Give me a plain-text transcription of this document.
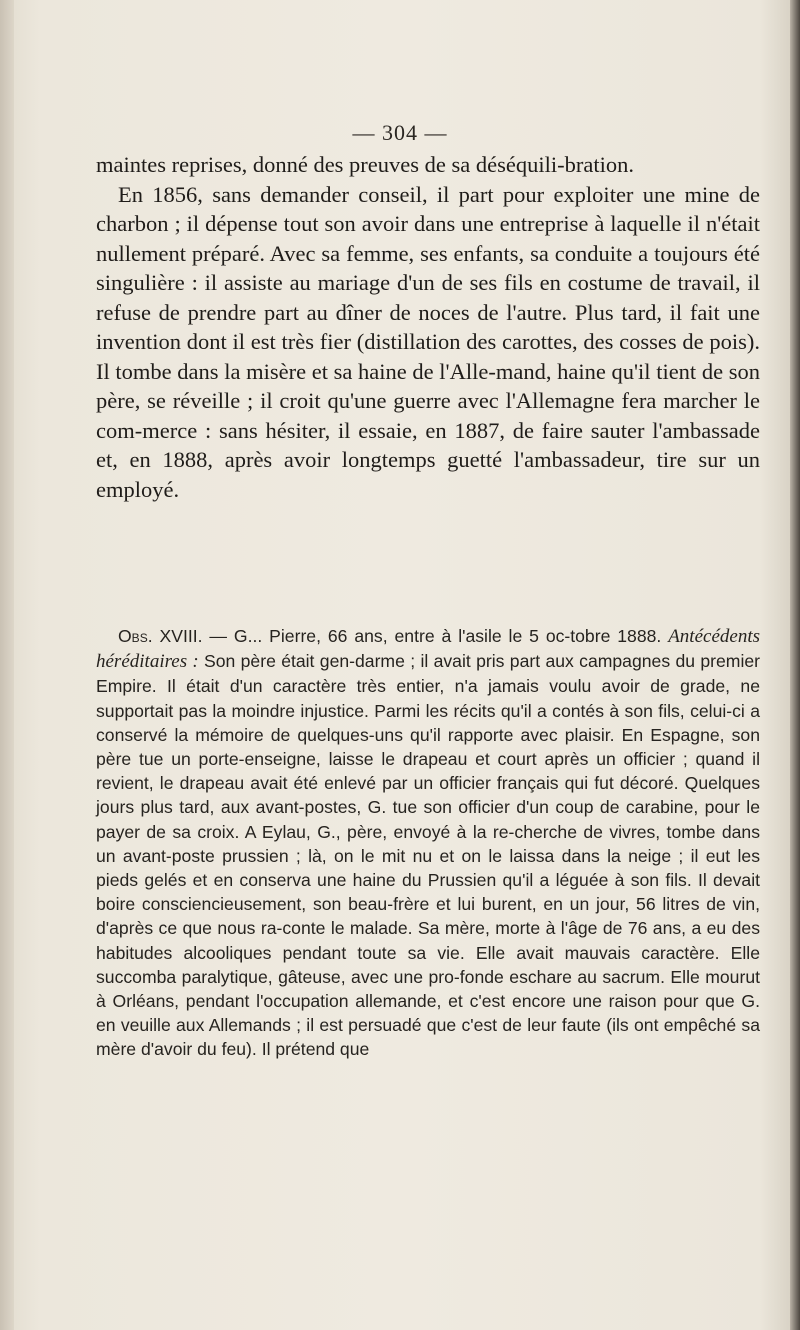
— 304 —

maintes reprises, donné des preuves de sa déséquili-bration.

En 1856, sans demander conseil, il part pour exploiter une mine de charbon ; il dépense tout son avoir dans une entreprise à laquelle il n'était nullement préparé. Avec sa femme, ses enfants, sa conduite a toujours été singulière : il assiste au mariage d'un de ses fils en costume de travail, il refuse de prendre part au dîner de noces de l'autre. Plus tard, il fait une invention dont il est très fier (distillation des carottes, des cosses de pois). Il tombe dans la misère et sa haine de l'Alle-mand, haine qu'il tient de son père, se réveille ; il croit qu'une guerre avec l'Allemagne fera marcher le com-merce : sans hésiter, il essaie, en 1887, de faire sauter l'ambassade et, en 1888, après avoir longtemps guetté l'ambassadeur, tire sur un employé.

Obs. XVIII. — G... Pierre, 66 ans, entre à l'asile le 5 oc-tobre 1888. Antécédents héréditaires : Son père était gen-darme ; il avait pris part aux campagnes du premier Empire. Il était d'un caractère très entier, n'a jamais voulu avoir de grade, ne supportait pas la moindre injustice. Parmi les récits qu'il a contés à son fils, celui-ci a conservé la mémoire de quelques-uns qu'il rapporte avec plaisir. En Espagne, son père tue un porte-enseigne, laisse le drapeau et court après un officier ; quand il revient, le drapeau avait été enlevé par un officier français qui fut décoré. Quelques jours plus tard, aux avant-postes, G. tue son officier d'un coup de carabine, pour le payer de sa croix. A Eylau, G., père, envoyé à la re-cherche de vivres, tombe dans un avant-poste prussien ; là, on le mit nu et on le laissa dans la neige ; il eut les pieds gelés et en conserva une haine du Prussien qu'il a léguée à son fils. Il devait boire consciencieusement, son beau-frère et lui burent, en un jour, 56 litres de vin, d'après ce que nous ra-conte le malade. Sa mère, morte à l'âge de 76 ans, a eu des habitudes alcooliques pendant toute sa vie. Elle avait mauvais caractère. Elle succomba paralytique, gâteuse, avec une pro-fonde eschare au sacrum. Elle mourut à Orléans, pendant l'occupation allemande, et c'est encore une raison pour que G. en veuille aux Allemands ; il est persuadé que c'est de leur faute (ils ont empêché sa mère d'avoir du feu). Il prétend que
